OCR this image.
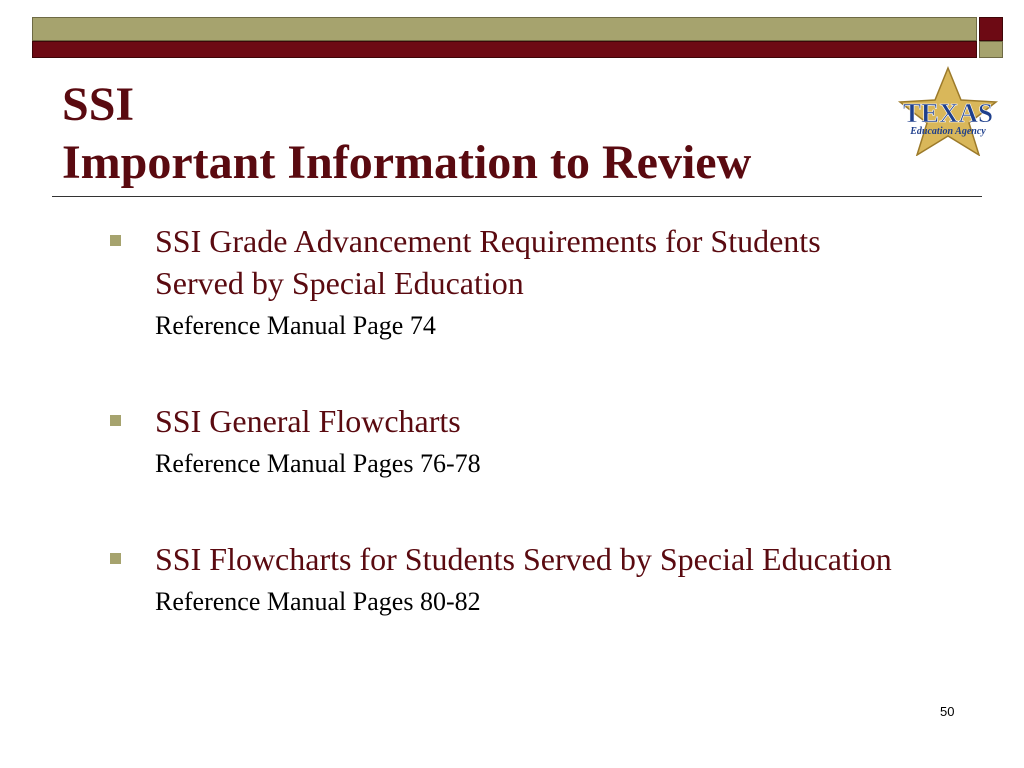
SSI
Important Information to Review
TEXAS
Education Agency
SSI Grade Advancement Requirements for Students Served by Special Education
Reference Manual Page 74
SSI General Flowcharts
Reference Manual Pages 76-78
SSI Flowcharts for Students Served by Special Education
Reference Manual Pages 80-82
50
